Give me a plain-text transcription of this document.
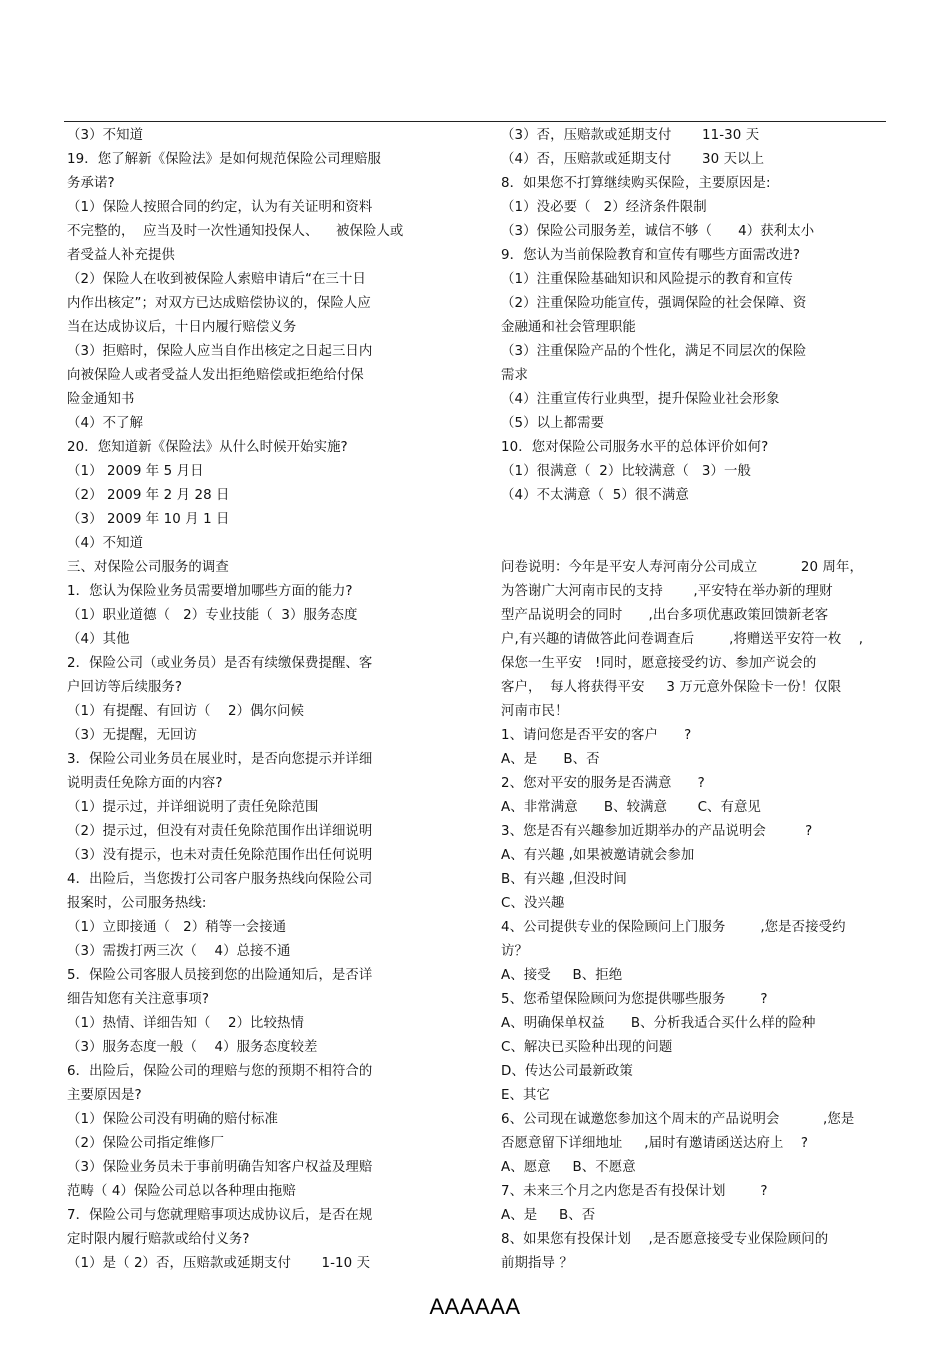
（3）不知道
19．您了解新《保险法》是如何规范保险公司理赔服
务承诺?
（1）保险人按照合同的约定，认为有关证明和资料
不完整的，  应当及时一次性通知投保人、    被保险人或
者受益人补充提供
（2）保险人在收到被保险人索赔申请后“在三十日
内作出核定”；对双方已达成赔偿协议的，保险人应
当在达成协议后，十日内履行赔偿义务
（3）拒赔时，保险人应当自作出核定之日起三日内
向被保险人或者受益人发出拒绝赔偿或拒绝给付保
险金通知书
（4）不了解
20．您知道新《保险法》从什么时候开始实施?
（1） 2009 年 5 月日
（2） 2009 年 2 月 28 日
（3） 2009 年 10 月 1 日
（4）不知道
三、对保险公司服务的调查
1．您认为保险业务员需要增加哪些方面的能力?
（1）职业道德（   2）专业技能（  3）服务态度
（4）其他
2．保险公司（或业务员）是否有续缴保费提醒、客
户回访等后续服务?
（1）有提醒、有回访（    2）偶尔问候
（3）无提醒，无回访
3．保险公司业务员在展业时，是否向您提示并详细
说明责任免除方面的内容?
（1）提示过，并详细说明了责任免除范围
（2）提示过，但没有对责任免除范围作出详细说明
（3）没有提示，也未对责任免除范围作出任何说明
4．出险后，当您拨打公司客户服务热线向保险公司
报案时，公司服务热线:
（1）立即接通（   2）稍等一会接通
（3）需拨打两三次（    4）总接不通
5．保险公司客服人员接到您的出险通知后，是否详
细告知您有关注意事项?
（1）热情、详细告知（    2）比较热情
（3）服务态度一般（    4）服务态度较差
6．出险后，保险公司的理赔与您的预期不相符合的
主要原因是?
（1）保险公司没有明确的赔付标准
（2）保险公司指定维修厂
（3）保险业务员未于事前明确告知客户权益及理赔
范畴（ 4）保险公司总以各种理由拖赔
7．保险公司与您就理赔事项达成协议后，是否在规
定时限内履行赔款或给付义务?
（1）是（ 2）否，压赔款或延期支付       1-10 天
（3）否，压赔款或延期支付       11-30 天
（4）否，压赔款或延期支付       30 天以上
8．如果您不打算继续购买保险，主要原因是:
（1）没必要（   2）经济条件限制
（3）保险公司服务差，诚信不够（      4）获利太小
9．您认为当前保险教育和宣传有哪些方面需改进?
（1）注重保险基础知识和风险提示的教育和宣传
（2）注重保险功能宣传，强调保险的社会保障、资
金融通和社会管理职能
（3）注重保险产品的个性化，满足不同层次的保险
需求
（4）注重宣传行业典型，提升保险业社会形象
（5）以上都需要
10．您对保险公司服务水平的总体评价如何?
（1）很满意（  2）比较满意（   3）一般
（4）不太满意（  5）很不满意
问卷说明：今年是平安人寿河南分公司成立          20 周年，
为答谢广大河南市民的支持       ,平安特在举办新的理财
型产品说明会的同时      ,出台多项优惠政策回馈新老客
户,有兴趣的请做答此问卷调查后        ,将赠送平安符一枚    ,
保您一生平安   !同时，愿意接受约访、参加产说会的
客户，  每人将获得平安     3 万元意外保险卡一份！仅限
河南市民！
1、请问您是否平安的客户      ?
A、是      B、否
2、您对平安的服务是否满意      ?
A、非常满意      B、较满意       C、有意见
3、您是否有兴趣参加近期举办的产品说明会         ?
A、有兴趣 ,如果被邀请就会参加
B、有兴趣 ,但没时间
C、没兴趣
4、公司提供专业的保险顾问上门服务        ,您是否接受约
访？
A、接受     B、拒绝
5、您希望保险顾问为您提供哪些服务        ?
A、明确保单权益      B、分析我适合买什么样的险种
C、解决已买险种出现的问题
D、传达公司最新政策
E、其它
6、公司现在诚邀您参加这个周末的产品说明会          ,您是
否愿意留下详细地址     ,届时有邀请函送达府上    ?
A、愿意     B、不愿意
7、未来三个月之内您是否有投保计划        ?
A、是     B、否
8、如果您有投保计划    ,是否愿意接受专业保险顾问的
前期指导 ？
AAAAAA
